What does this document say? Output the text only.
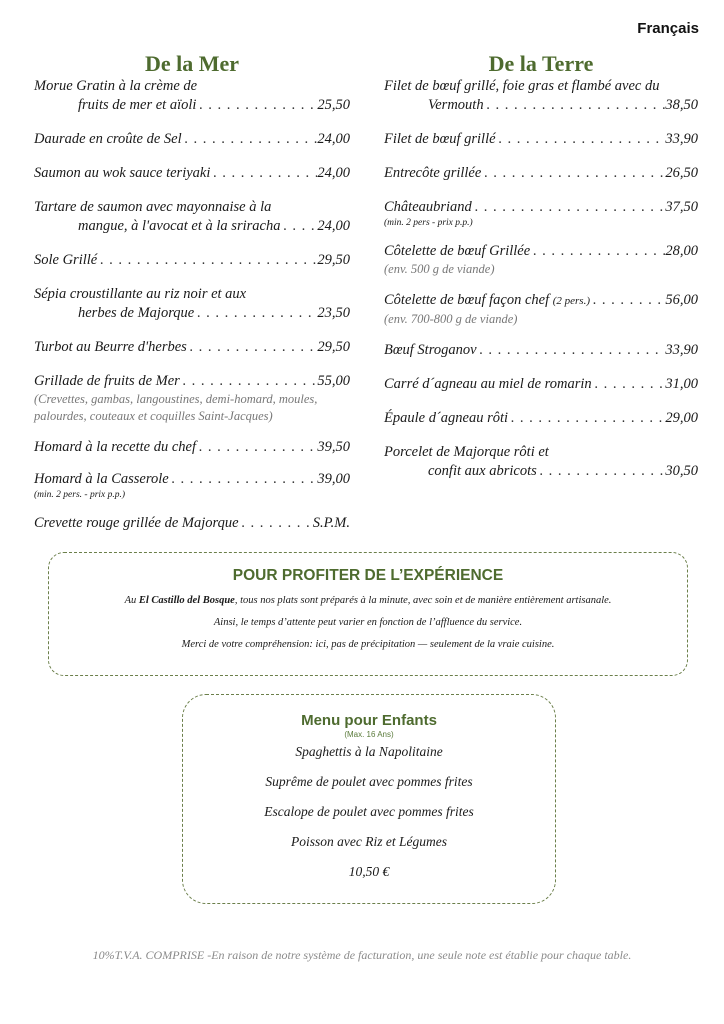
Français
De la Mer
Morue Gratin à la crème de
fruits de mer et aïoli . . .	25,50
Daurade en croûte de Sel . . .	24,00
Saumon au wok sauce teriyaki . . .	24,00
Tartare de saumon avec mayonnaise à la
mangue, à l'avocat et à la sriracha . . .	24,00
Sole Grillé . . .	29,50
Sépia croustillante au riz noir et aux
herbes de Majorque . . .	23,50
Turbot au Beurre d'herbes . . .	29,50
Grillade de fruits de Mer . . .	55,00
(Crevettes, gambas, langoustines, demi-homard, moules, palourdes, couteaux et coquilles Saint-Jacques)
Homard à la recette du chef . . .	39,50
Homard à la Casserole . . .	39,00
(min. 2 pers. - prix p.p.)
Crevette rouge grillée de Majorque . . .	S.P.M.
De la Terre
Filet de bœuf grillé, foie gras et flambé avec du
Vermouth . . .	38,50
Filet de bœuf grillé . . .	33,90
Entrecôte grillée . . .	26,50
Châteaubriand . . .	37,50
(min. 2 pers - prix p.p.)
Côtelette de bœuf Grillée . . .	28,00
(env. 500 g de viande)
Côtelette de bœuf façon chef (2 pers.) . . .	56,00
(env. 700-800 g de viande)
Bœuf Stroganov . . .	33,90
Carré d´agneau au miel de romarin . . .	31,00
Épaule d´agneau rôti . . .	29,00
Porcelet de Majorque rôti et
confit aux abricots . . .	30,50
POUR PROFITER DE L’EXPÉRIENCE
Au El Castillo del Bosque, tous nos plats sont préparés à la minute, avec soin et de manière entièrement artisanale.
Ainsi, le temps d’attente peut varier en fonction de l’affluence du service.
Merci de votre compréhension: ici, pas de précipitation — seulement de la vraie cuisine.
Menu pour Enfants
(Max. 16 Ans)
Spaghettis à la Napolitaine
Suprême de poulet avec pommes frites
Escalope de poulet avec pommes frites
Poisson avec Riz et Légumes
10,50 €
10%T.V.A. COMPRISE -En raison de notre système de facturation, une seule note est établie pour chaque table.
